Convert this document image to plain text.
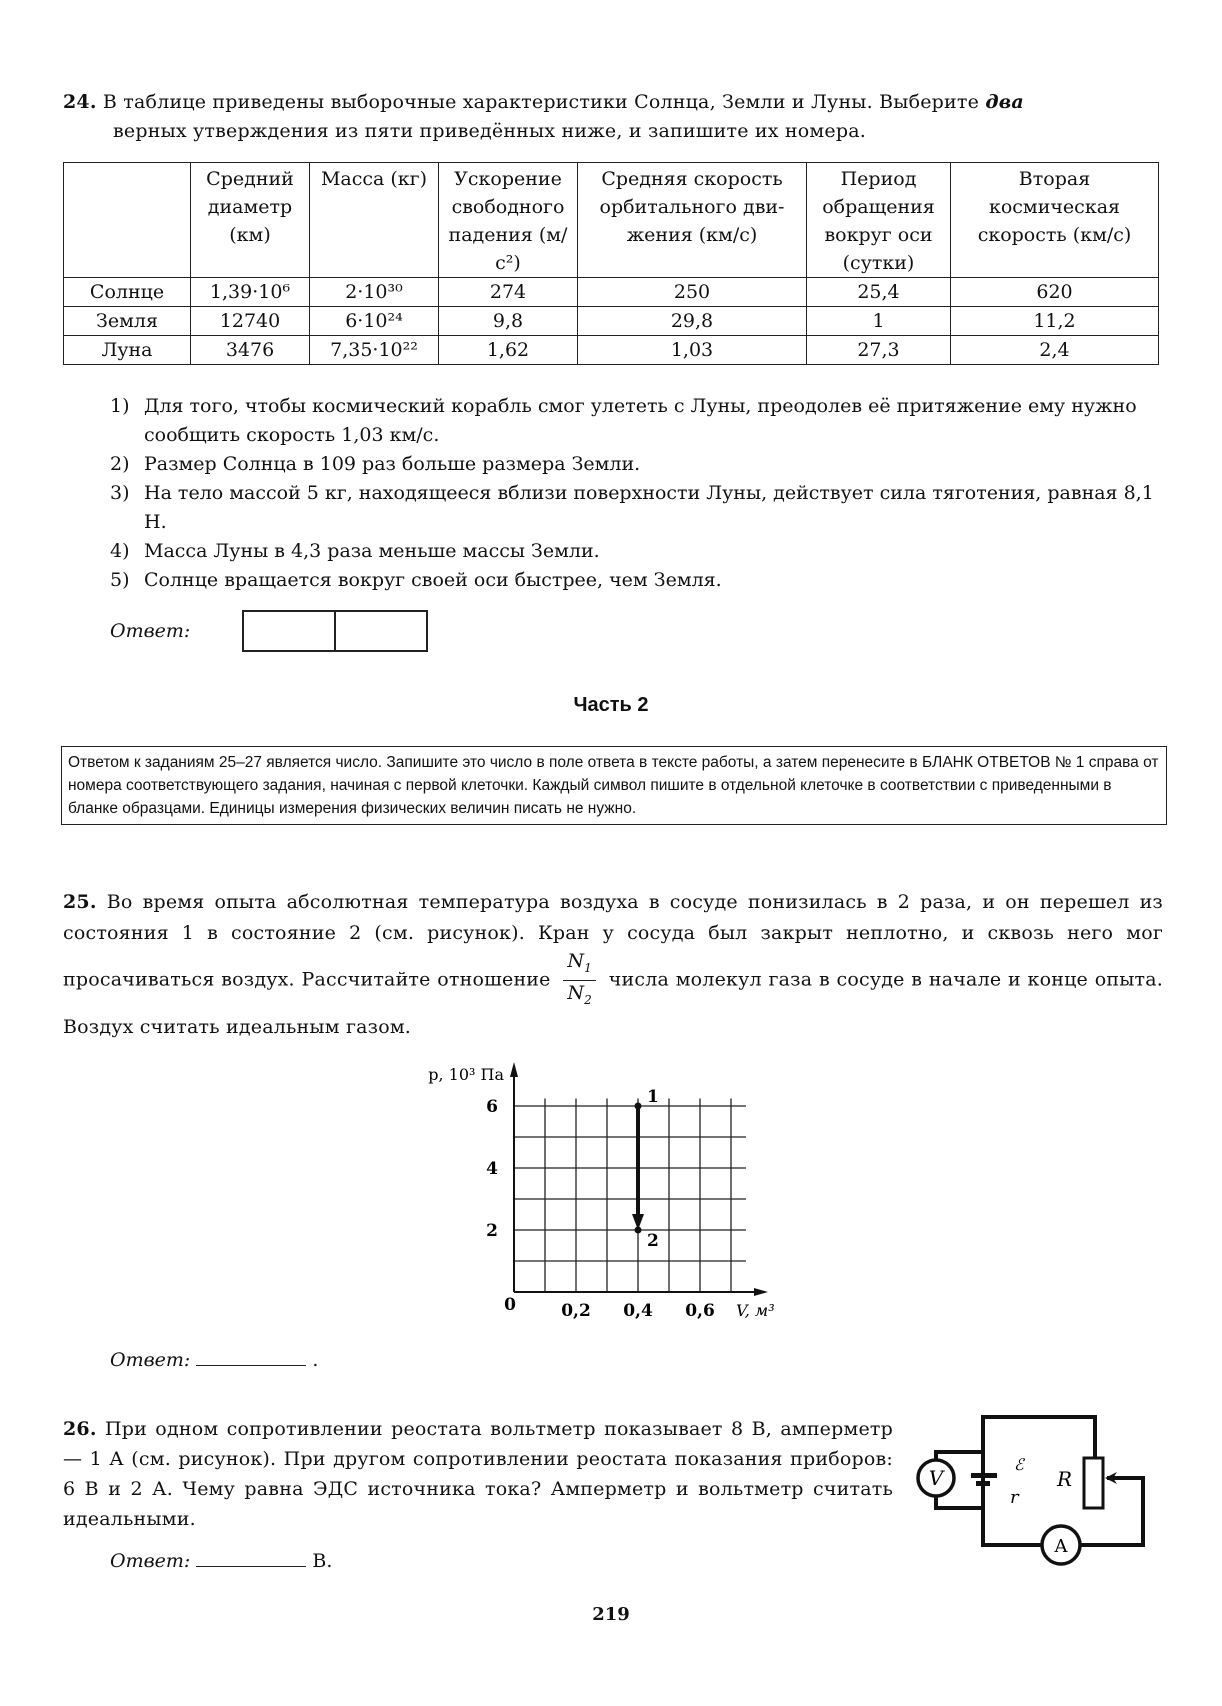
24. В таблице приведены выборочные характеристики Солнца, Земли и Луны. Выберите два
верных утверждения из пяти приведённых ниже, и запишите их номера.
	Средний диаметр (км)	Масса (кг)	Ускорение свободного падения (м/с²)	Средняя скорость орбитального дви-жения (км/с)	Период обращения вокруг оси (сутки)	Вторая космическая скорость (км/с)
Солнце	1,39·10⁶	2·10³⁰	274	250	25,4	620
Земля	12740	6·10²⁴	9,8	29,8	1	11,2
Луна	3476	7,35·10²²	1,62	1,03	27,3	2,4
1) Для того, чтобы космический корабль смог улететь с Луны, преодолев её притяжение ему нужно сообщить скорость 1,03 км/с.
2) Размер Солнца в 109 раз больше размера Земли.
3) На тело массой 5 кг, находящееся вблизи поверхности Луны, действует сила тяготения, равная 8,1 Н.
4) Масса Луны в 4,3 раза меньше массы Земли.
5) Солнце вращается вокруг своей оси быстрее, чем Земля.
Ответ:
Часть 2
Ответом к заданиям 25–27 является число. Запишите это число в поле ответа в тексте работы, а затем перенесите в БЛАНК ОТВЕТОВ № 1 справа от номера соответствующего задания, начиная с первой клеточки. Каждый символ пишите в отдельной клеточке в соответствии с приведенными в бланке образцами. Единицы измерения физических величин писать не нужно.
25. Во время опыта абсолютная температура воздуха в сосуде понизилась в 2 раза, и он перешел из состояния 1 в состояние 2 (см. рисунок). Кран у сосуда был закрыт неплотно, и сквозь него мог просачиваться воздух. Рассчитайте отношение $\frac{N_1}{N_2}$ числа молекул газа в сосуде в начале и конце опыта. Воздух считать идеальным газом.
2
4
6
0	0,2 0,4 0,6
p, 10³ Па
V, м³
1
2
Ответ:	.
26. При одном сопротивлении реостата вольтметр показывает 8 В, амперметр — 1 А (см. рисунок). При другом сопротивлении реостата показания приборов: 6 В и 2 А. Чему равна ЭДС источника тока? Амперметр и вольтметр считать идеальными.
Ответ:	В.
V
A
ℰ
r
R
219
